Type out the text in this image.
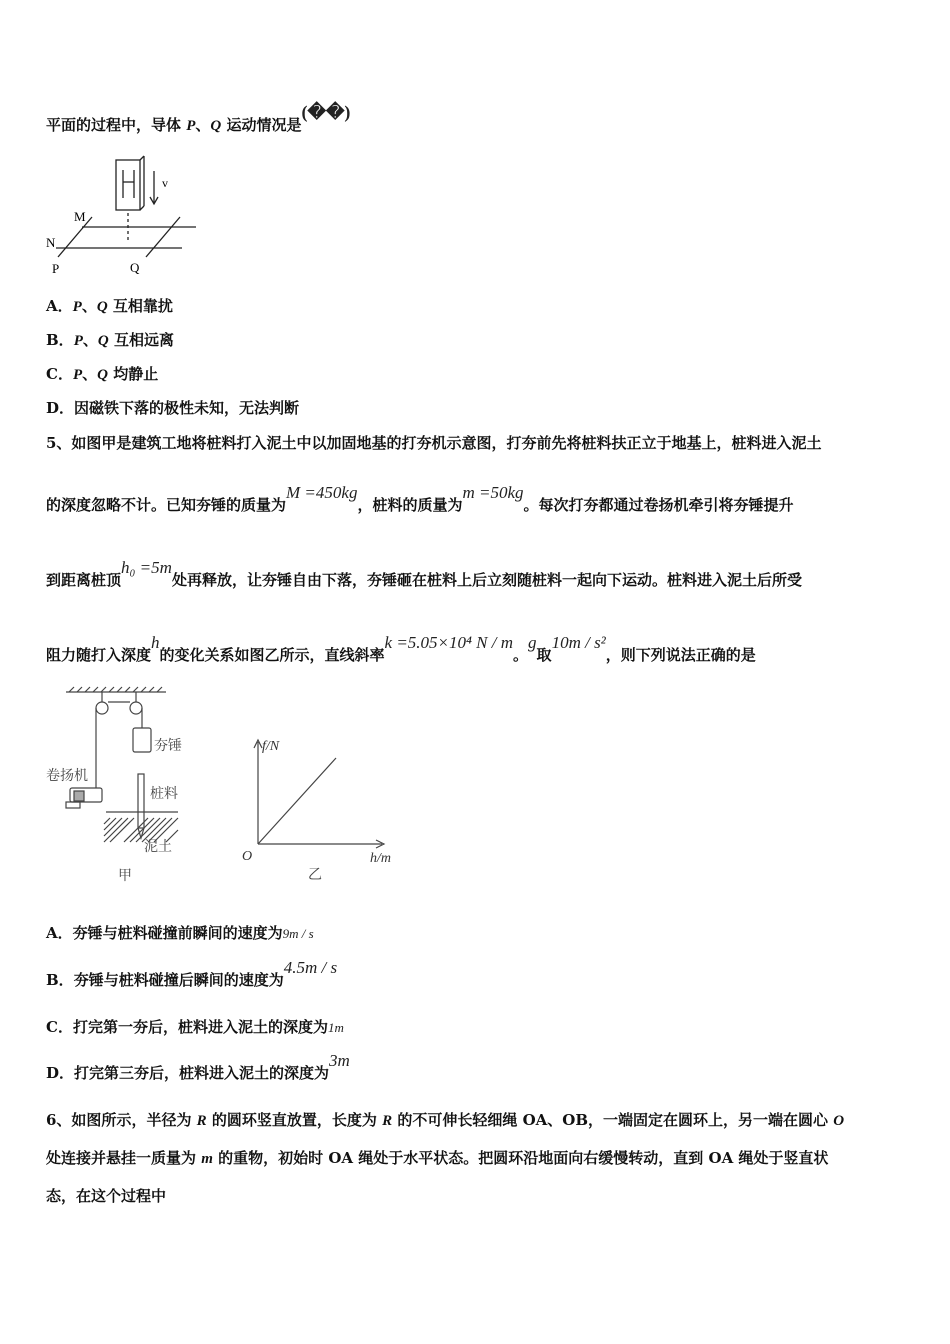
平面的过程中，导体 P、Q 运动情况是(��)
v
M
N
P	Q
A．P、Q 互相靠扰
B．P、Q 互相远离
C．P、Q 均静止
D．因磁铁下落的极性未知，无法判断
5、如图甲是建筑工地将桩料打入泥土中以加固地基的打夯机示意图，打夯前先将桩料扶正立于地基上，桩料进入泥土
的深度忽略不计。已知夯锤的质量为M =450kg，桩料的质量为m =50kg。每次打夯都通过卷扬机牵引将夯锤提升
到距离桩顶h₀ =5m处再释放，让夯锤自由下落，夯锤砸在桩料上后立刻随桩料一起向下运动。桩料进入泥土后所受
阻力随打入深度h的变化关系如图乙所示，直线斜率k =5.05×10⁴ N / m。g取10m / s²，则下列说法正确的是
夯锤
卷扬机
桩料
泥土
甲
f/N
h/m
O
乙
A．夯锤与桩料碰撞前瞬间的速度为9m / s
B．夯锤与桩料碰撞后瞬间的速度为4.5m / s
C．打完第一夯后，桩料进入泥土的深度为1m
D．打完第三夯后，桩料进入泥土的深度为3m
6、如图所示，半径为 R 的圆环竖直放置，长度为 R 的不可伸长轻细绳 OA、OB，一端固定在圆环上，另一端在圆心 O
处连接并悬挂一质量为 m 的重物，初始时 OA 绳处于水平状态。把圆环沿地面向右缓慢转动，直到 OA 绳处于竖直状
态，在这个过程中
